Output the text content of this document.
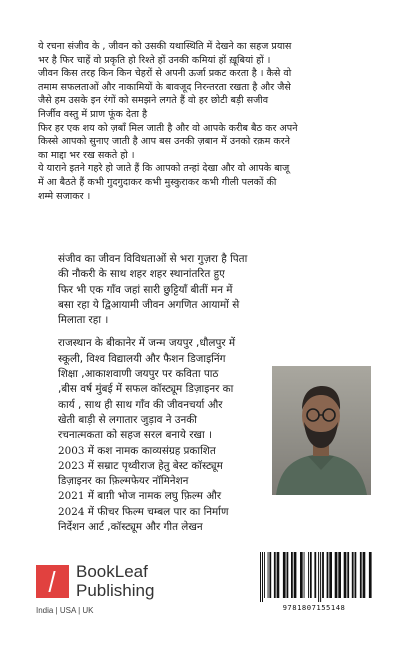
ये रचना संजीव के , जीवन को उसकी यथास्थिति में देखने का सहज प्रयास

भर है फिर चाहें वो प्रकृति हो रिश्ते हों उनकी कमियां हों ख़ूबियां हों ।

जीवन किस तरह किन किन चेहरों से अपनी ऊर्जा प्रकट करता है । कैसे वो

तमाम सफलताओं और नाकामियों के बावजूद निरन्तरता रखता है और जैसे

जैसे हम उसके इन रंगों को समझने लगते हैं वो हर छोटी बड़ी सजीव

निर्जीव वस्तु में प्राण फूंक देता है

फिर हर एक शय को ज़बाँ मिल जाती है और वो आपके करीब बैठ कर अपने

किस्से आपको सुनाए जाती है आप बस उनकी ज़बान में उनको रक़म करने

का माद्दा भर रख सकते हो ।

ये याराने इतने गहरे हो जाते हैं कि आपको तन्हां देखा और वो आपके बाजू

में आ बैठते हैं कभी गुदगुदाकर कभी मुस्कुराकर कभी गीली पलकों की

शम्मे सजाकर ।

संजीव का जीवन विविधताओं से भरा गुज़रा है पिता

की नौकरी के साथ शहर शहर स्थानांतरित हुए

फिर भी एक गाँव जहां सारी छुट्टियाँ बीतीं मन में

बसा रहा ये द्विआयामी जीवन अगणित आयामों से

मिलाता रहा ।

राजस्थान के बीकानेर में जन्म जयपुर ,धौलपुर में

स्कूली, विश्व विद्यालयी और फैशन डिजाइनिंग

शिक्षा ,आकाशवाणी जयपुर पर कविता पाठ

,बीस वर्ष मुंबई में सफल कॉस्ट्यूम डिज़ाइनर का

कार्य , साथ ही साथ गाँव की जीवनचर्या और

खेती बाड़ी से लगातार जुड़ाव ने उनकी

रचनात्मकता को सहज सरल बनाये रखा ।

2003 में कश नामक काव्यसंग्रह प्रकाशित

2023 में सम्राट पृथ्वीराज हेतु बेस्ट कॉस्ट्यूम

डिज़ाइनर का फ़िल्मफेयर नॉमिनेशन

2021 में बाग़ी भोज नामक लघु फ़िल्म और

2024 में फीचर फिल्म चम्बल पार का निर्माण

निर्देशन आर्ट ,कॉस्ट्यूम और गीत लेखन

BookLeaf
Publishing
India | USA | UK	9781807155148
